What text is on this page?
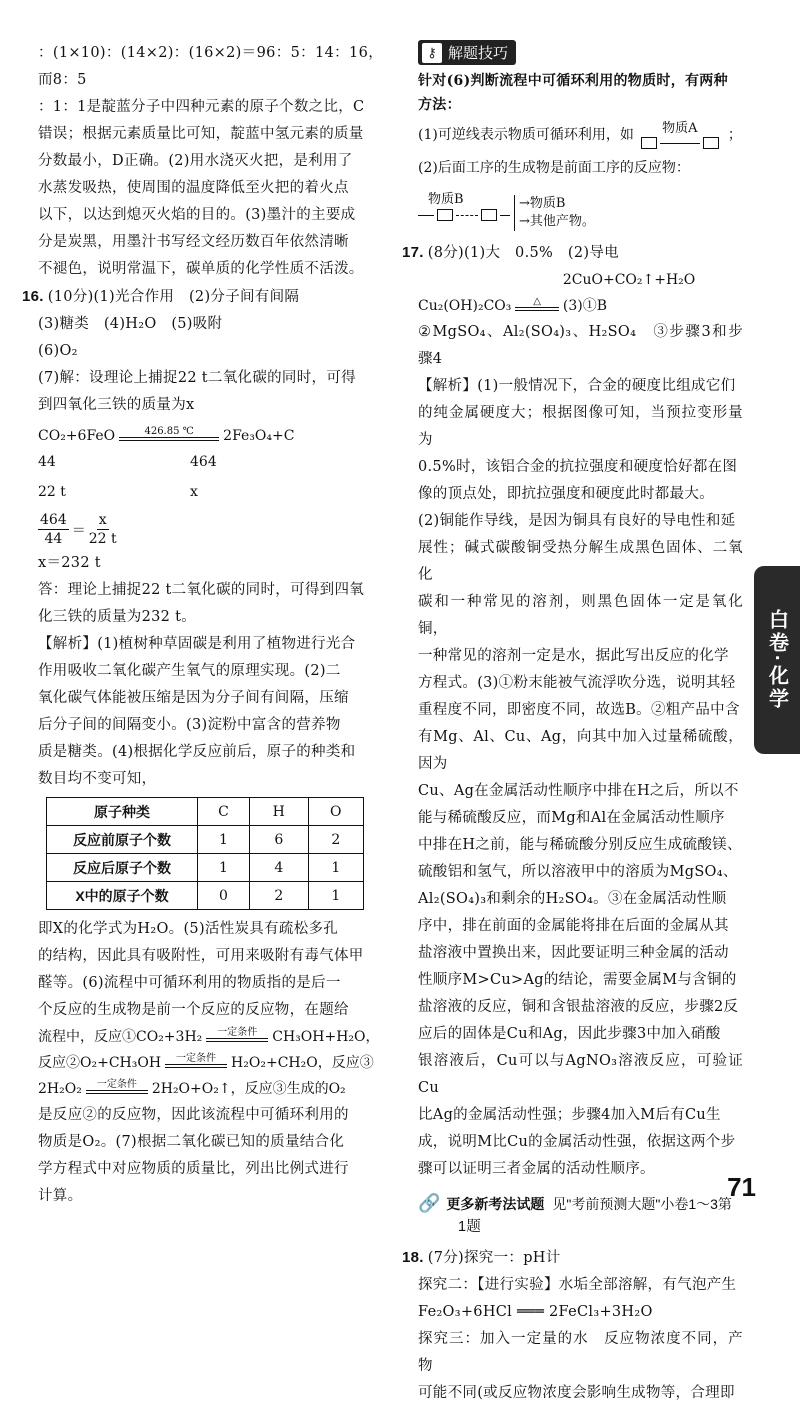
：(1×10)：(14×2)：(16×2)＝96：5：14：16，而8：5

：1：1是靛蓝分子中四种元素的原子个数之比，C

错误；根据元素质量比可知，靛蓝中氢元素的质量

分数最小，D正确。(2)用水浇灭火把，是利用了

水蒸发吸热，使周围的温度降低至火把的着火点

以下，以达到熄灭火焰的目的。(3)墨汁的主要成

分是炭黑，用墨汁书写经文经历数百年依然清晰

不褪色，说明常温下，碳单质的化学性质不活泼。

16. (10分)(1)光合作用　(2)分子间有间隔

(3)糖类　(4)H₂O　(5)吸附

(6)O₂

(7)解：设理论上捕捉22 t二氧化碳的同时，可得

到四氧化三铁的质量为x

CO₂+6FeO	426.85 ℃ 2Fe₃O₄+C
44	464
22 t	x
$\frac{464}{44} = \frac{x}{22 t}$

x＝232 t

答：理论上捕捉22 t二氧化碳的同时，可得到四氧

化三铁的质量为232 t。

【解析】(1)植树种草固碳是利用了植物进行光合

作用吸收二氧化碳产生氧气的原理实现。(2)二

氧化碳气体能被压缩是因为分子间有间隔，压缩

后分子间的间隔变小。(3)淀粉中富含的营养物

质是糖类。(4)根据化学反应前后，原子的种类和

数目均不变可知，

原子种类	C	H	O
反应前原子个数	1	6	2
反应后原子个数	1	4	1
X中的原子个数	0	2	1

即X的化学式为H₂O。(5)活性炭具有疏松多孔

的结构，因此具有吸附性，可用来吸附有毒气体甲

醛等。(6)流程中可循环利用的物质指的是后一

个反应的生成物是前一个反应的反应物，在题给

流程中，反应①CO₂+3H₂ 一定条件 CH₃OH+H₂O，
反应②O₂+CH₃OH 一定条件 H₂O₂+CH₂O，反应③
2H₂O₂ 一定条件 2H₂O+O₂↑，反应③生成的O₂

是反应②的反应物，因此该流程中可循环利用的

物质是O₂。(7)根据二氧化碳已知的质量结合化

学方程式中对应物质的质量比，列出比例式进行

计算。

⚷ 解题技巧

针对(6)判断流程中可循环利用的物质时，有两种

方法：

(1)可逆线表示物质可循环利用，如 物质A ；

(2)后面工序的生成物是前面工序的反应物：

物质B	→物质B
→其他产物。

17. (8分)(1)大　0.5%　(2)导电

Cu₂(OH)₂CO₃ △
2CuO+CO₂↑+H₂O　(3)①B

②MgSO₄、Al₂(SO₄)₃、H₂SO₄　③步骤3和步骤4

【解析】(1)一般情况下，合金的硬度比组成它们

的纯金属硬度大；根据图像可知，当预拉变形量为

0.5%时，该铝合金的抗拉强度和硬度恰好都在图

像的顶点处，即抗拉强度和硬度此时都最大。

(2)铜能作导线，是因为铜具有良好的导电性和延

展性；碱式碳酸铜受热分解生成黑色固体、二氧化

碳和一种常见的溶剂，则黑色固体一定是氧化铜，

一种常见的溶剂一定是水，据此写出反应的化学

方程式。(3)①粉末能被气流浮吹分选，说明其轻

重程度不同，即密度不同，故选B。②粗产品中含

有Mg、Al、Cu、Ag，向其中加入过量稀硫酸，因为

Cu、Ag在金属活动性顺序中排在H之后，所以不

能与稀硫酸反应，而Mg和Al在金属活动性顺序

中排在H之前，能与稀硫酸分别反应生成硫酸镁、

硫酸铝和氢气，所以溶液甲中的溶质为MgSO₄、

Al₂(SO₄)₃和剩余的H₂SO₄。③在金属活动性顺

序中，排在前面的金属能将排在后面的金属从其

盐溶液中置换出来，因此要证明三种金属的活动

性顺序M>Cu>Ag的结论，需要金属M与含铜的

盐溶液的反应，铜和含银盐溶液的反应，步骤2反

应后的固体是Cu和Ag，因此步骤3中加入硝酸

银溶液后，Cu可以与AgNO₃溶液反应，可验证Cu

比Ag的金属活动性强；步骤4加入M后有Cu生

成，说明M比Cu的金属活动性强，依据这两个步

骤可以证明三者金属的活动性顺序。

🔗 更多新考法试题 见"考前预测大题"小卷1～3第

1题

18. (7分)探究一：pH计

探究二：【进行实验】水垢全部溶解，有气泡产生

Fe₂O₃+6HCl ═══ 2FeCl₃+3H₂O

探究三：加入一定量的水　反应物浓度不同，产物

可能不同(或反应物浓度会影响生成物等，合理即

白卷·化学
71
